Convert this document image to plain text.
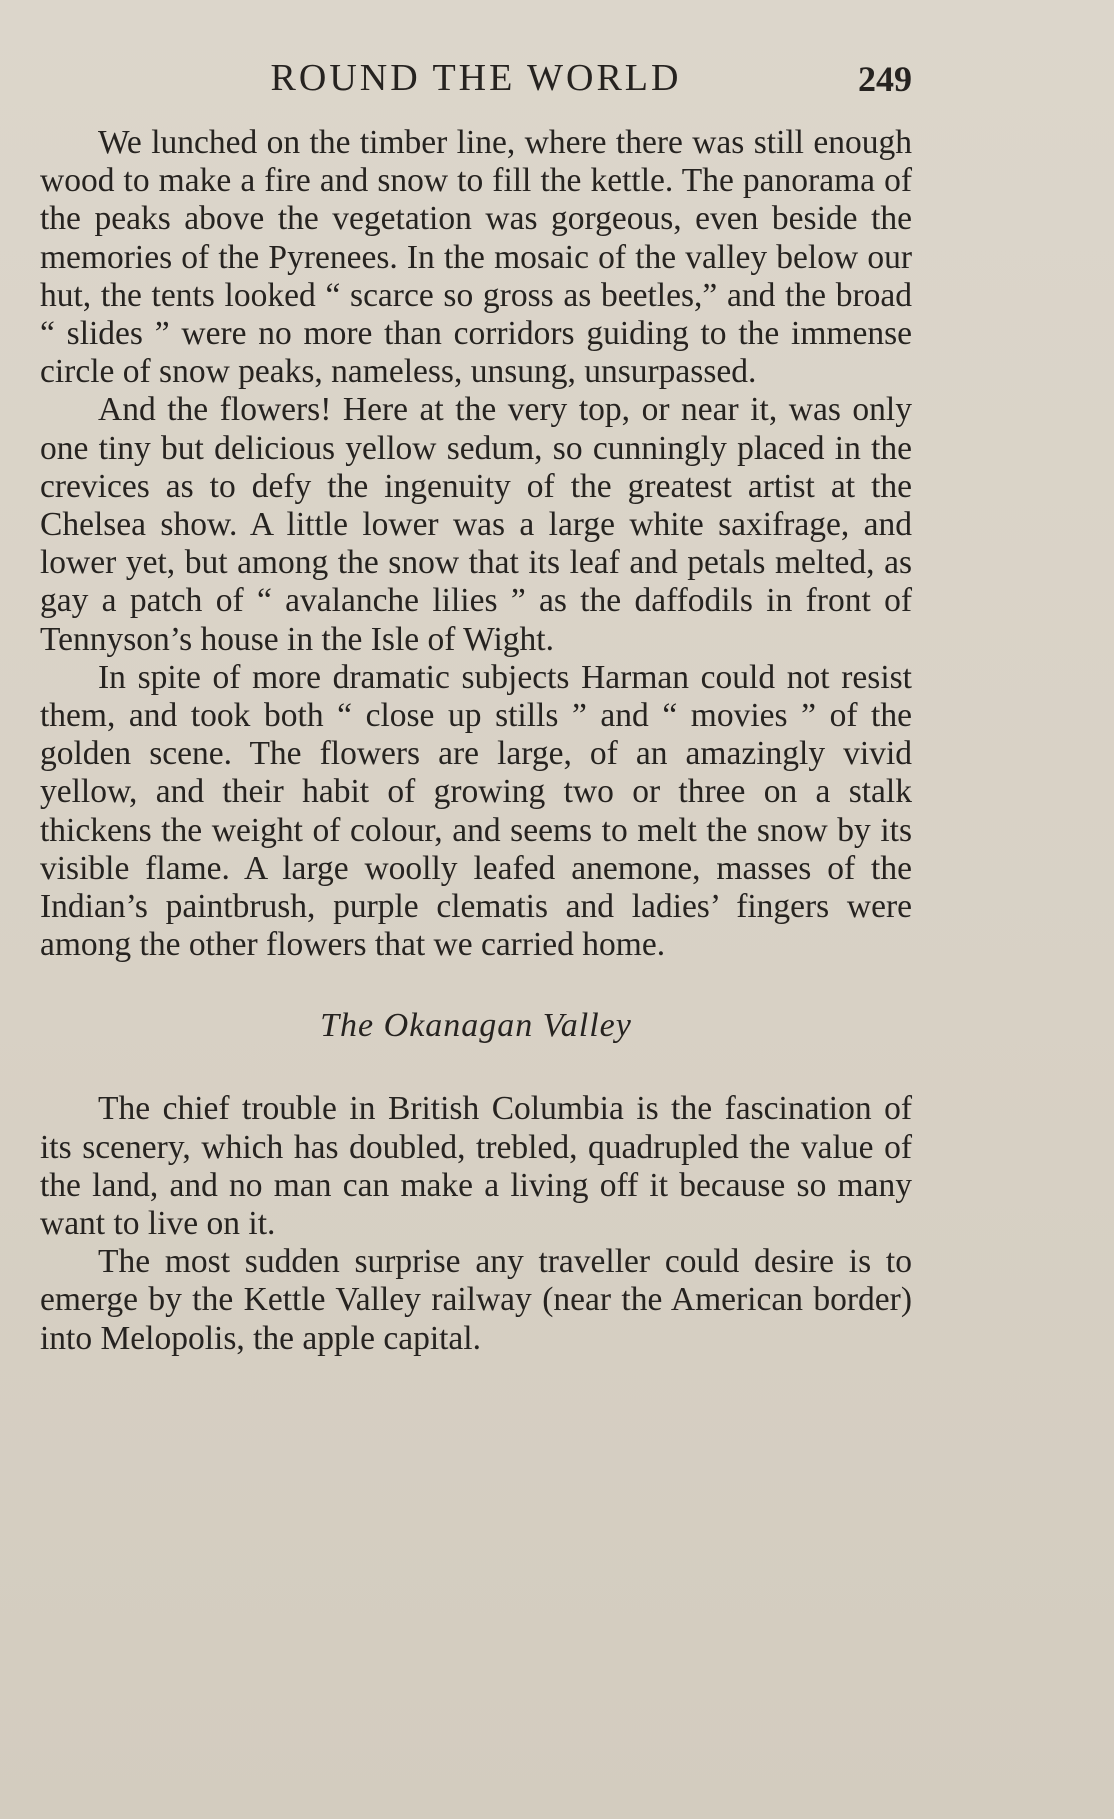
ROUND THE WORLD	249

We lunched on the timber line, where there was still enough wood to make a fire and snow to fill the kettle. The panorama of the peaks above the vegetation was gorgeous, even beside the memories of the Pyrenees. In the mosaic of the valley below our hut, the tents looked “ scarce so gross as beetles,” and the broad “ slides ” were no more than corridors guiding to the immense circle of snow peaks, nameless, unsung, unsurpassed.

And the flowers! Here at the very top, or near it, was only one tiny but delicious yellow sedum, so cunningly placed in the crevices as to defy the ingenuity of the greatest artist at the Chelsea show. A little lower was a large white saxifrage, and lower yet, but among the snow that its leaf and petals melted, as gay a patch of “ avalanche lilies ” as the daffodils in front of Tennyson’s house in the Isle of Wight.

In spite of more dramatic subjects Harman could not resist them, and took both “ close up stills ” and “ movies ” of the golden scene. The flowers are large, of an amazingly vivid yellow, and their habit of growing two or three on a stalk thickens the weight of colour, and seems to melt the snow by its visible flame. A large woolly leafed anemone, masses of the Indian’s paintbrush, purple clematis and ladies’ fingers were among the other flowers that we carried home.

The Okanagan Valley

The chief trouble in British Columbia is the fascination of its scenery, which has doubled, trebled, quadrupled the value of the land, and no man can make a living off it because so many want to live on it.

The most sudden surprise any traveller could desire is to emerge by the Kettle Valley railway (near the American border) into Melopolis, the apple capital.
